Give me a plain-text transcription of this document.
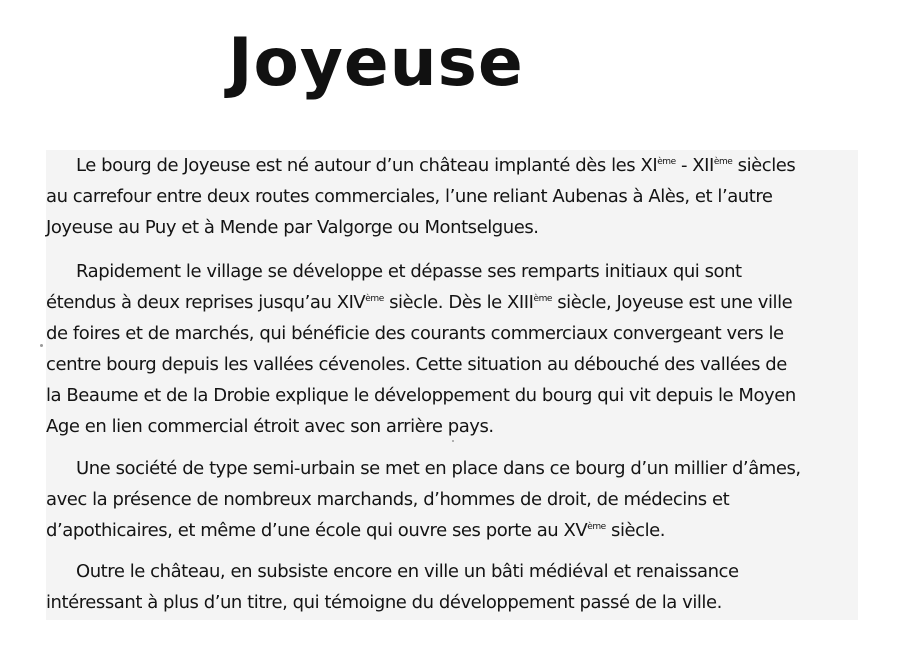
Joyeuse

Le bourg de Joyeuse est né autour d’un château implanté dès les XIème - XIIème siècles
au carrefour entre deux routes commerciales, l’une reliant Aubenas à Alès, et l’autre
Joyeuse au Puy et à Mende par Valgorge ou Montselgues.

Rapidement le village se développe et dépasse ses remparts initiaux qui sont
étendus à deux reprises jusqu’au XIVème siècle. Dès le XIIIème siècle, Joyeuse est une ville
de foires et de marchés, qui bénéficie des courants commerciaux convergeant vers le
centre bourg depuis les vallées cévenoles. Cette situation au débouché des vallées de
la Beaume et de la Drobie explique le développement du bourg qui vit depuis le Moyen
Age en lien commercial étroit avec son arrière pays.

Une société de type semi-urbain se met en place dans ce bourg d’un millier d’âmes,
avec la présence de nombreux marchands, d’hommes de droit, de médecins et
d’apothicaires, et même d’une école qui ouvre ses porte au XVème siècle.

Outre le château, en subsiste encore en ville un bâti médiéval et renaissance
intéressant à plus d’un titre, qui témoigne du développement passé de la ville.
